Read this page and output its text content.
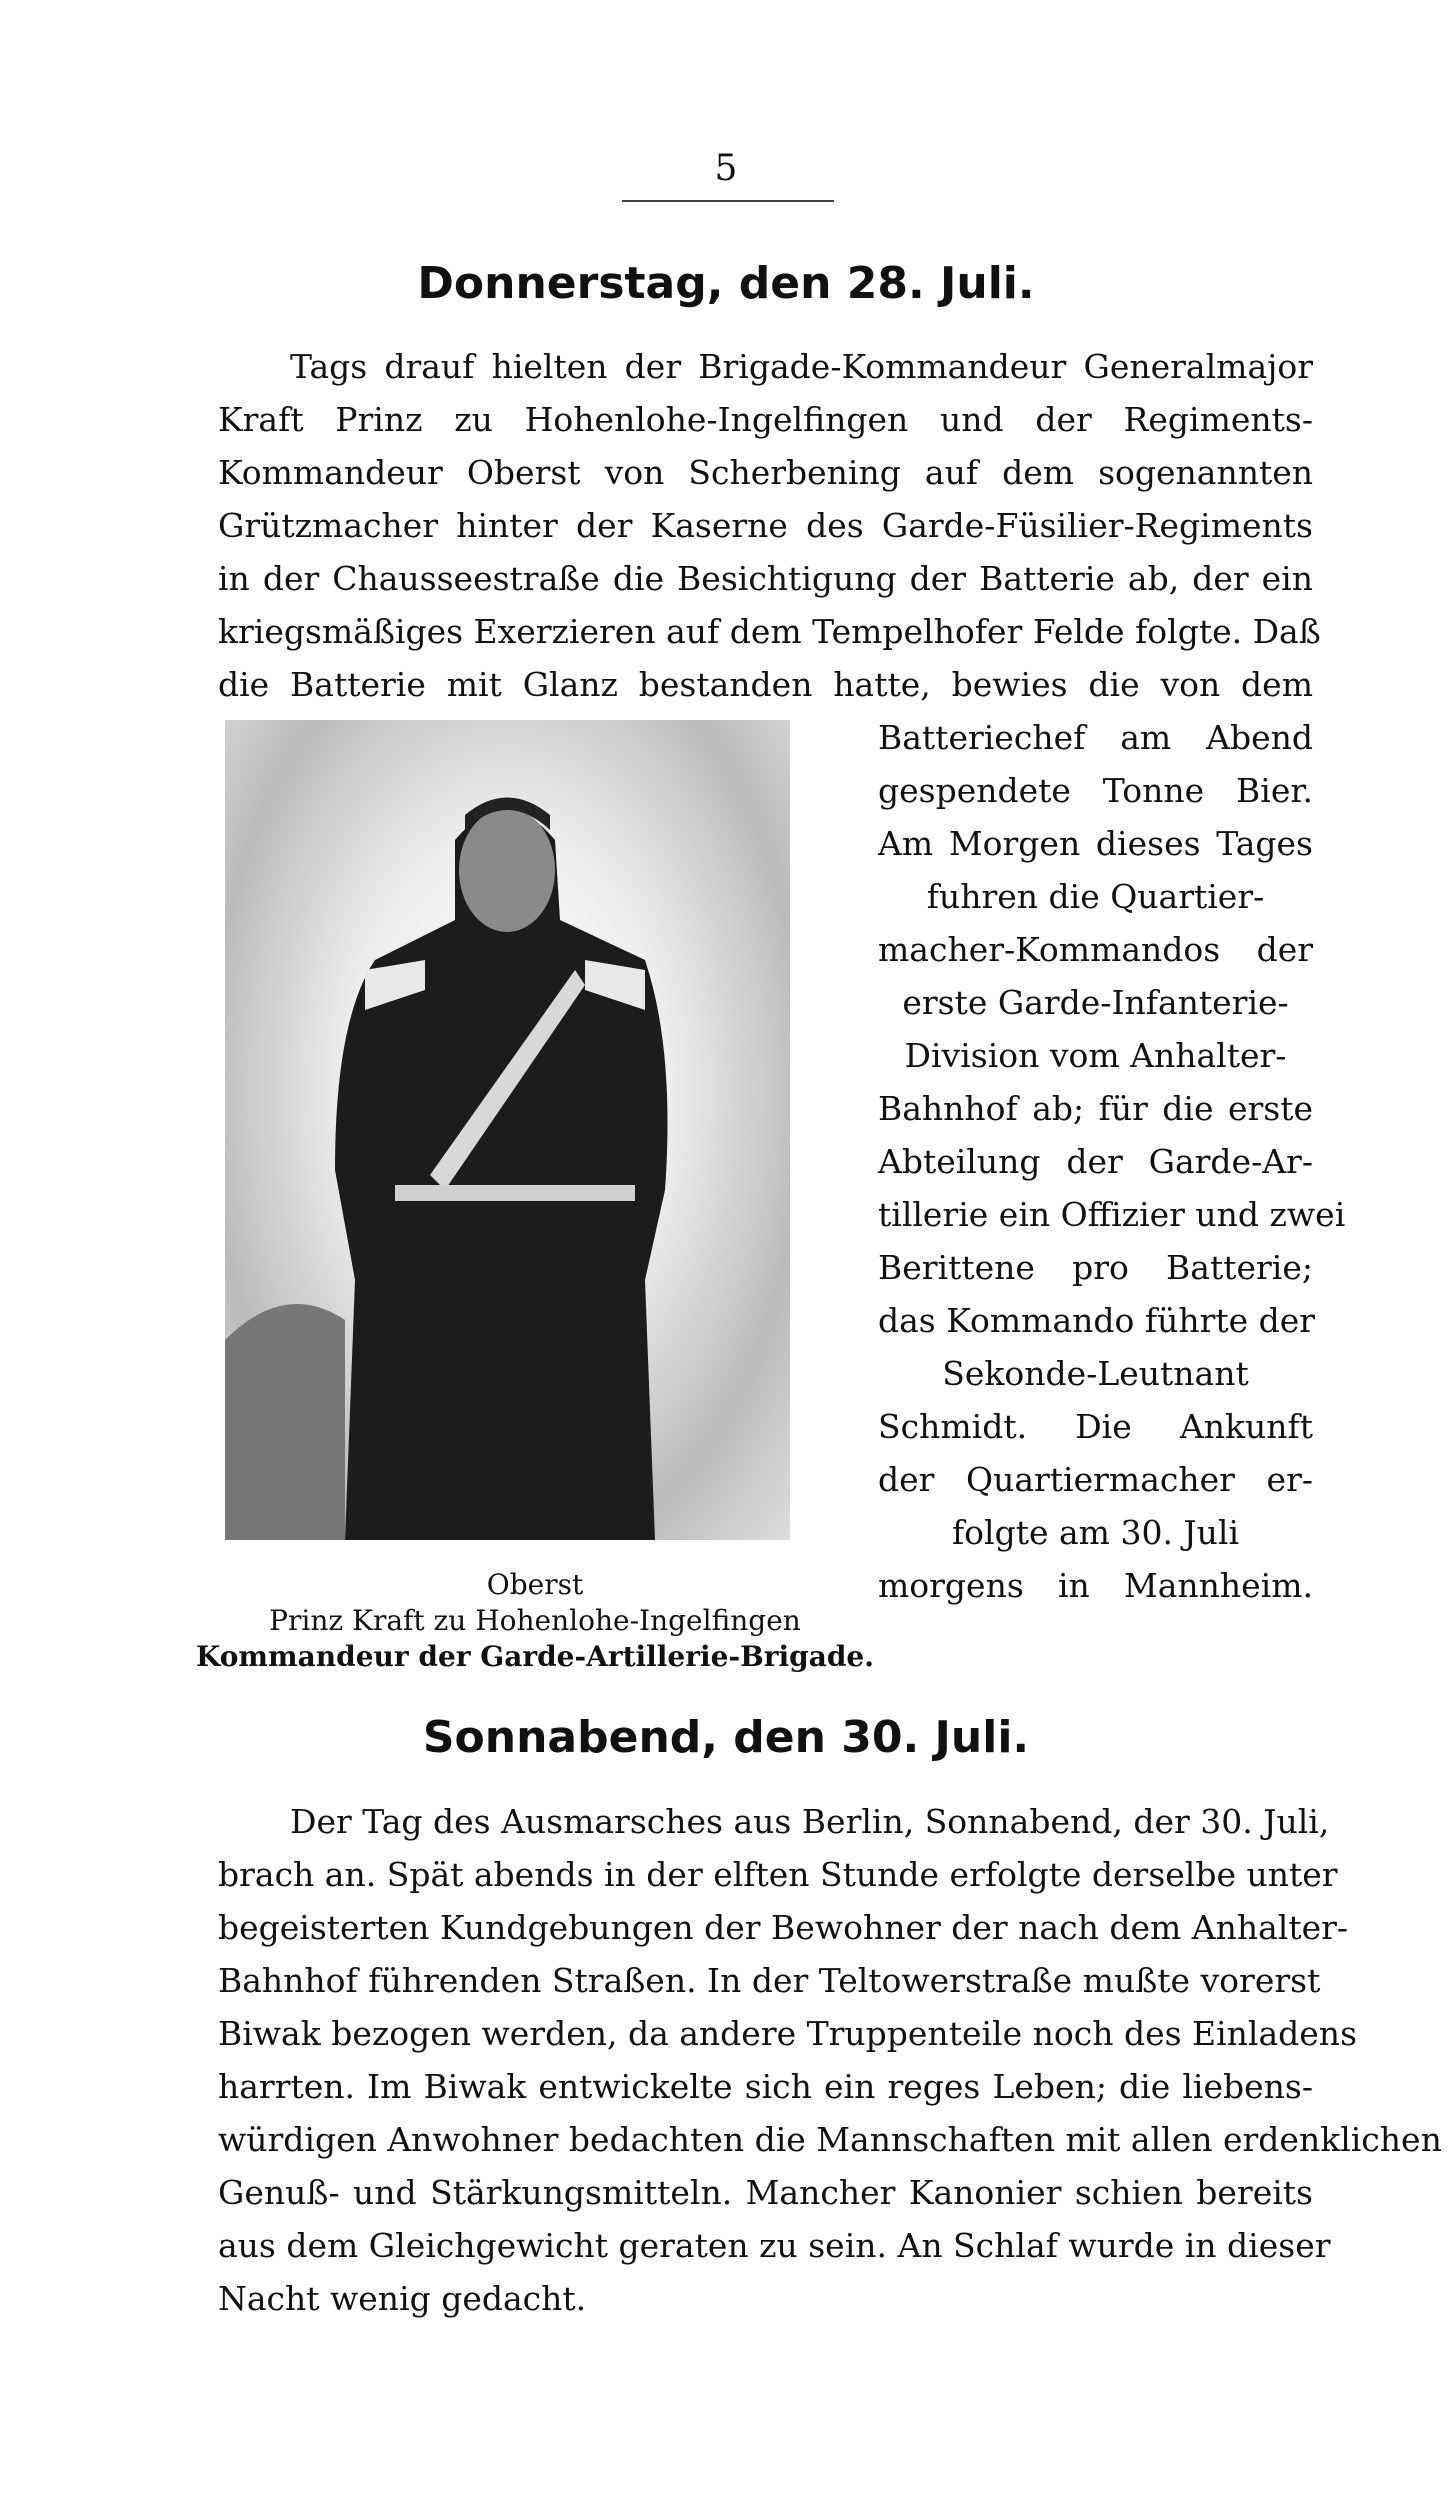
5
Donnerstag, den 28. Juli.
Tags drauf hielten der Brigade-Kommandeur Generalmajor
Kraft Prinz zu Hohenlohe-Ingelfingen und der Regiments-
Kommandeur Oberst von Scherbening auf dem sogenannten
Grützmacher hinter der Kaserne des Garde-Füsilier-Regiments
in der Chausseestraße die Besichtigung der Batterie ab, der ein
kriegsmäßiges Exerzieren auf dem Tempelhofer Felde folgte. Daß
die Batterie mit Glanz bestanden hatte, bewies die von dem
Batteriechef am Abend
gespendete Tonne Bier.
Am Morgen dieses Tages
fuhren die Quartier-
macher-Kommandos der
erste Garde-Infanterie-
Division vom Anhalter-
Bahnhof ab; für die erste
Abteilung der Garde-Ar-
tillerie ein Offizier und zwei
Berittene pro Batterie;
das Kommando führte der
Sekonde-Leutnant
Schmidt. Die Ankunft
der Quartiermacher er-
folgte am 30. Juli
morgens in Mannheim.
Oberst
Prinz Kraft zu Hohenlohe-Ingelfingen
Kommandeur der Garde-Artillerie-Brigade.
Sonnabend, den 30. Juli.
Der Tag des Ausmarsches aus Berlin, Sonnabend, der 30. Juli,
brach an. Spät abends in der elften Stunde erfolgte derselbe unter
begeisterten Kundgebungen der Bewohner der nach dem Anhalter-
Bahnhof führenden Straßen. In der Teltowerstraße mußte vorerst
Biwak bezogen werden, da andere Truppenteile noch des Einladens
harrten. Im Biwak entwickelte sich ein reges Leben; die liebens-
würdigen Anwohner bedachten die Mannschaften mit allen erdenklichen
Genuß- und Stärkungsmitteln. Mancher Kanonier schien bereits
aus dem Gleichgewicht geraten zu sein. An Schlaf wurde in dieser
Nacht wenig gedacht.
